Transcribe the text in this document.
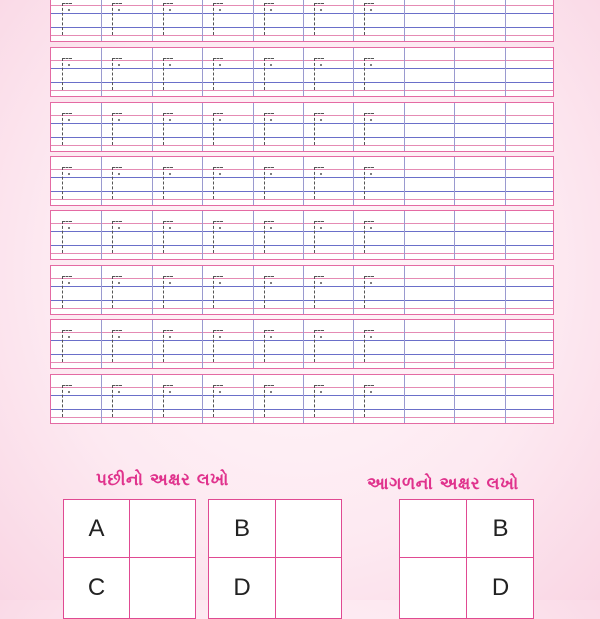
પછીનો અક્ષર લખો	આગળનો અક્ષર લખો
A
C
B
D
B
D
